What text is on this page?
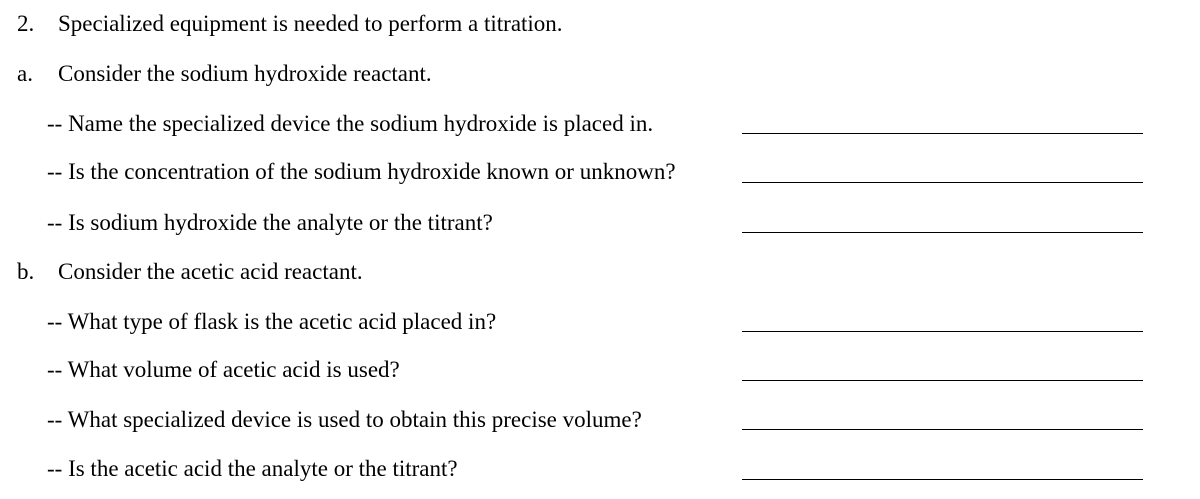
2. Specialized equipment is needed to perform a titration.
a. Consider the sodium hydroxide reactant.
-- Name the specialized device the sodium hydroxide is placed in.
-- Is the concentration of the sodium hydroxide known or unknown?
-- Is sodium hydroxide the analyte or the titrant?
b. Consider the acetic acid reactant.
-- What type of flask is the acetic acid placed in?
-- What volume of acetic acid is used?
-- What specialized device is used to obtain this precise volume?
-- Is the acetic acid the analyte or the titrant?
